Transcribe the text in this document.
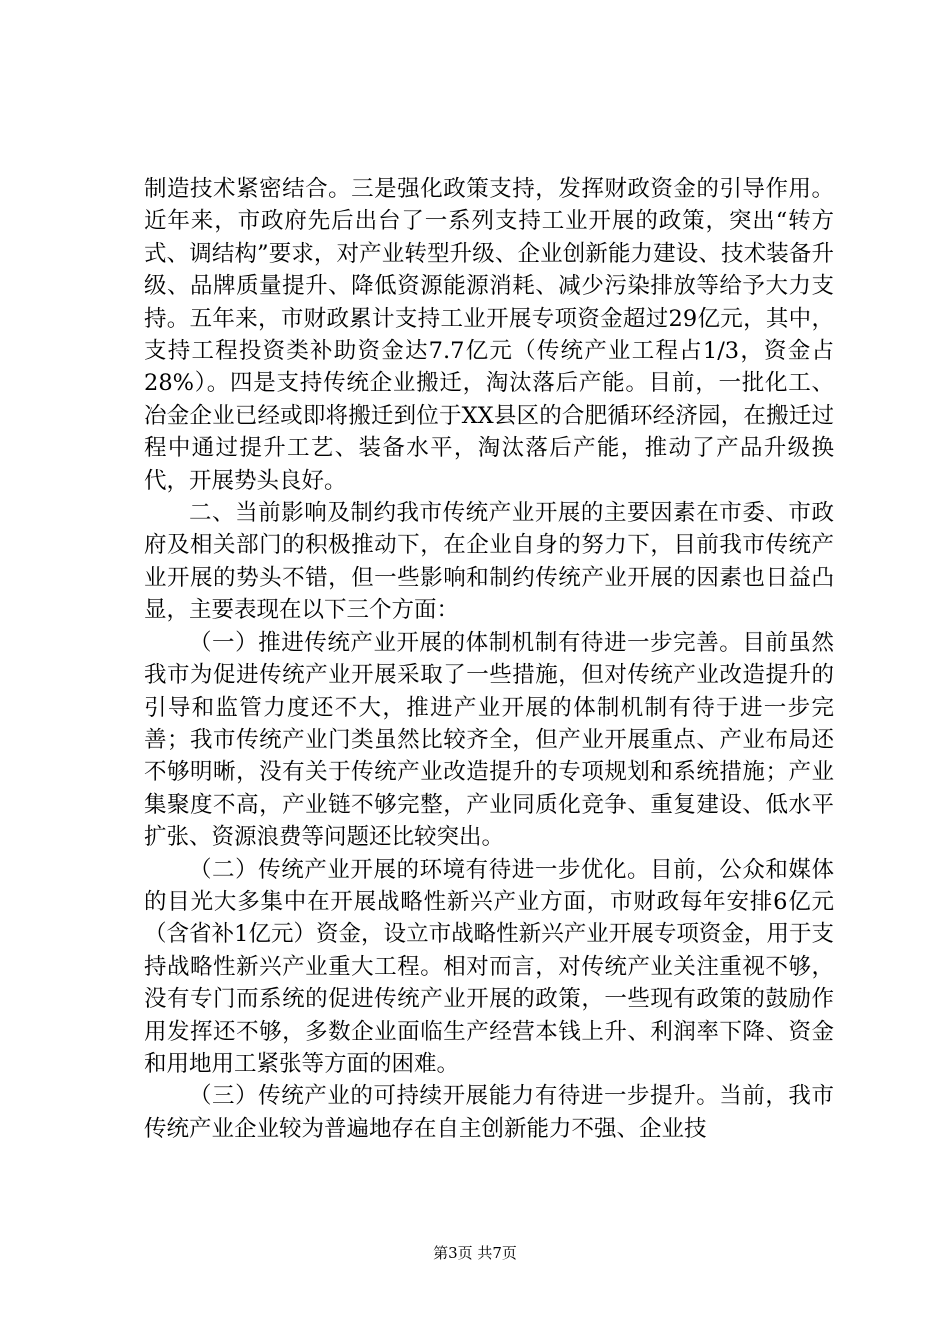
制造技术紧密结合。三是强化政策支持，发挥财政资金的引导作用。近年来，市政府先后出台了一系列支持工业开展的政策，突出“转方式、调结构”要求，对产业转型升级、企业创新能力建设、技术装备升级、品牌质量提升、降低资源能源消耗、减少污染排放等给予大力支持。五年来，市财政累计支持工业开展专项资金超过29亿元，其中，支持工程投资类补助资金达7.7亿元（传统产业工程占1/3，资金占28%）。四是支持传统企业搬迁，淘汰落后产能。目前，一批化工、冶金企业已经或即将搬迁到位于XX县区的合肥循环经济园，在搬迁过程中通过提升工艺、装备水平，淘汰落后产能，推动了产品升级换代，开展势头良好。

二、当前影响及制约我市传统产业开展的主要因素在市委、市政府及相关部门的积极推动下，在企业自身的努力下，目前我市传统产业开展的势头不错，但一些影响和制约传统产业开展的因素也日益凸显，主要表现在以下三个方面：

（一）推进传统产业开展的体制机制有待进一步完善。目前虽然我市为促进传统产业开展采取了一些措施，但对传统产业改造提升的引导和监管力度还不大，推进产业开展的体制机制有待于进一步完善；我市传统产业门类虽然比较齐全，但产业开展重点、产业布局还不够明晰，没有关于传统产业改造提升的专项规划和系统措施；产业集聚度不高，产业链不够完整，产业同质化竞争、重复建设、低水平扩张、资源浪费等问题还比较突出。

（二）传统产业开展的环境有待进一步优化。目前，公众和媒体的目光大多集中在开展战略性新兴产业方面，市财政每年安排6亿元（含省补1亿元）资金，设立市战略性新兴产业开展专项资金，用于支持战略性新兴产业重大工程。相对而言，对传统产业关注重视不够，没有专门而系统的促进传统产业开展的政策，一些现有政策的鼓励作用发挥还不够，多数企业面临生产经营本钱上升、利润率下降、资金和用地用工紧张等方面的困难。

（三）传统产业的可持续开展能力有待进一步提升。当前，我市传统产业企业较为普遍地存在自主创新能力不强、企业技

第3页 共7页
